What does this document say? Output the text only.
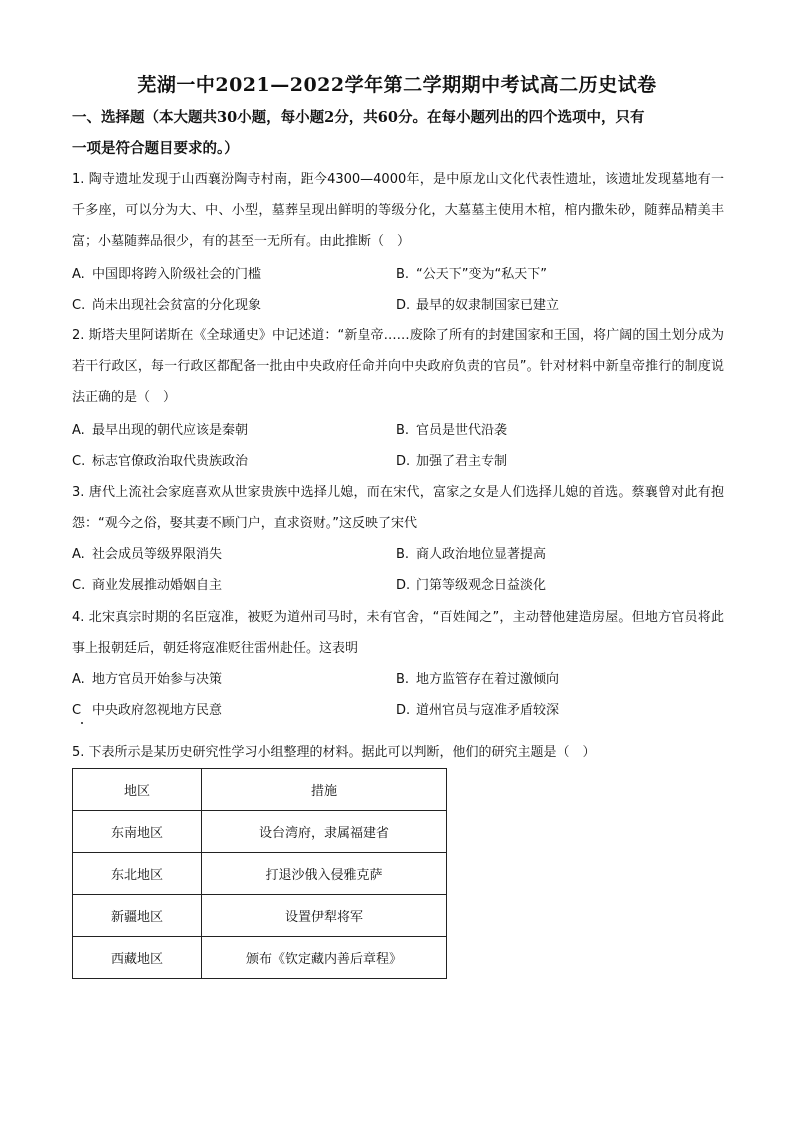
芜湖一中2021—2022学年第二学期期中考试高二历史试卷
一、选择题（本大题共30小题，每小题2分，共60分。在每小题列出的四个选项中，只有
一项是符合题目要求的。）
1. 陶寺遗址发现于山西襄汾陶寺村南，距今4300—4000年，是中原龙山文化代表性遗址，该遗址发现墓地有一千多座，可以分为大、中、小型，墓葬呈现出鲜明的等级分化，大墓墓主使用木棺，棺内撒朱砂，随葬品精美丰富；小墓随葬品很少，有的甚至一无所有。由此推断（　）
A. 中国即将跨入阶级社会的门槛	B. “公天下”变为“私天下”
C. 尚未出现社会贫富的分化现象	D. 最早的奴隶制国家已建立
2. 斯塔夫里阿诺斯在《全球通史》中记述道：“新皇帝……废除了所有的封建国家和王国，将广阔的国土划分成为若干行政区，每一行政区都配备一批由中央政府任命并向中央政府负责的官员”。针对材料中新皇帝推行的制度说法正确的是（　）
A. 最早出现的朝代应该是秦朝	B. 官员是世代沿袭
C. 标志官僚政治取代贵族政治	D. 加强了君主专制
3. 唐代上流社会家庭喜欢从世家贵族中选择儿媳，而在宋代，富家之女是人们选择儿媳的首选。蔡襄曾对此有抱怨：“观今之俗，娶其妻不顾门户，直求资财。”这反映了宋代
A. 社会成员等级界限消失	B. 商人政治地位显著提高
C. 商业发展推动婚姻自主	D. 门第等级观念日益淡化
4. 北宋真宗时期的名臣寇准，被贬为道州司马时，未有官舍，“百姓闻之”，主动替他建造房屋。但地方官员将此事上报朝廷后，朝廷将寇准贬往雷州赴任。这表明
A. 地方官员开始参与决策	B. 地方监管存在着过激倾向
C 中央政府忽视地方民意	D. 道州官员与寇准矛盾较深
5. 下表所示是某历史研究性学习小组整理的材料。据此可以判断，他们的研究主题是（　）
地区	措施
东南地区	设台湾府，隶属福建省
东北地区	打退沙俄入侵雅克萨
新疆地区	设置伊犁将军
西藏地区	颁布《钦定藏内善后章程》
